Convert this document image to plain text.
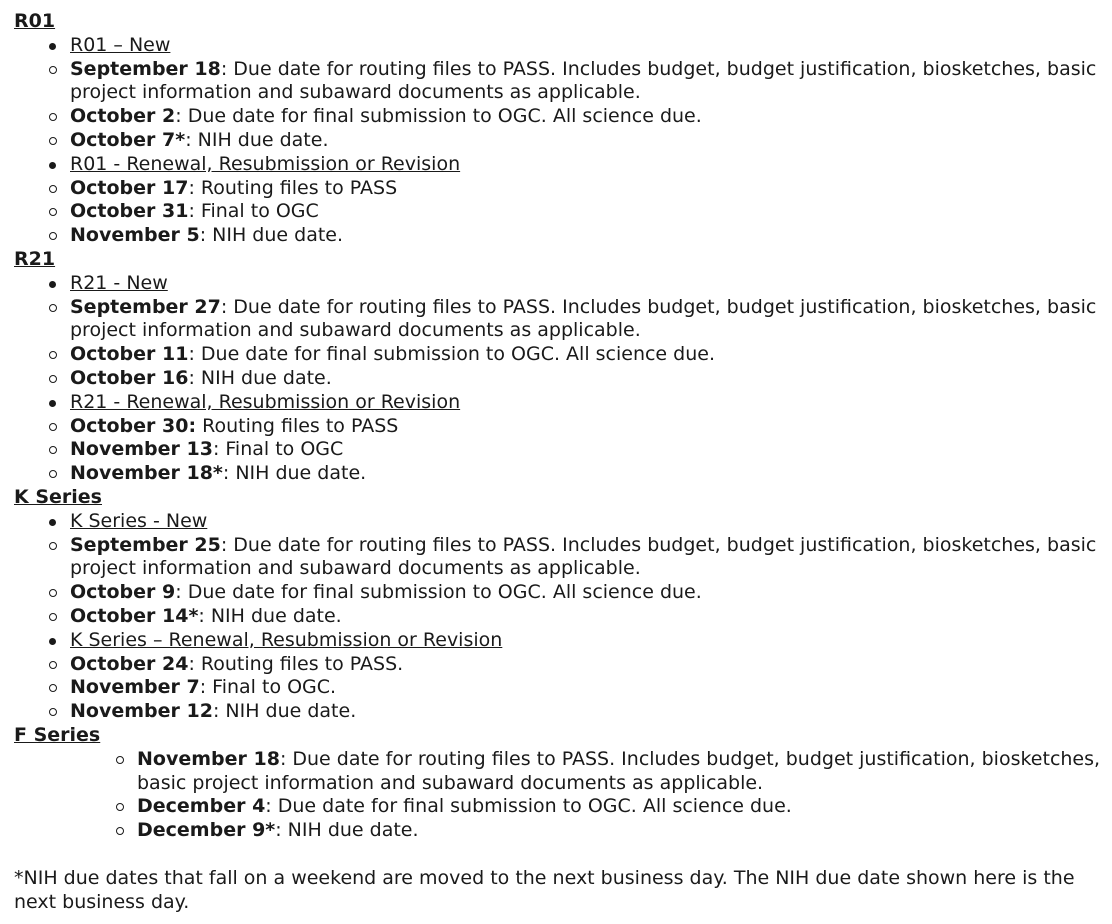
R01
R01 – New
September 18: Due date for routing files to PASS. Includes budget, budget justification, biosketches, basic project information and subaward documents as applicable.
October 2: Due date for final submission to OGC. All science due.
October 7*: NIH due date.
R01 - Renewal, Resubmission or Revision
October 17: Routing files to PASS
October 31: Final to OGC
November 5: NIH due date.
R21
R21 - New
September 27: Due date for routing files to PASS. Includes budget, budget justification, biosketches, basic project information and subaward documents as applicable.
October 11: Due date for final submission to OGC. All science due.
October 16: NIH due date.
R21 - Renewal, Resubmission or Revision
October 30: Routing files to PASS
November 13: Final to OGC
November 18*: NIH due date.
K Series
K Series - New
September 25: Due date for routing files to PASS. Includes budget, budget justification, biosketches, basic project information and subaward documents as applicable.
October 9: Due date for final submission to OGC. All science due.
October 14*: NIH due date.
K Series – Renewal, Resubmission or Revision
October 24: Routing files to PASS.
November 7: Final to OGC.
November 12: NIH due date.
F Series
November 18: Due date for routing files to PASS. Includes budget, budget justification, biosketches, basic project information and subaward documents as applicable.
December 4: Due date for final submission to OGC. All science due.
December 9*: NIH due date.

*NIH due dates that fall on a weekend are moved to the next business day. The NIH due date shown here is the next business day.
